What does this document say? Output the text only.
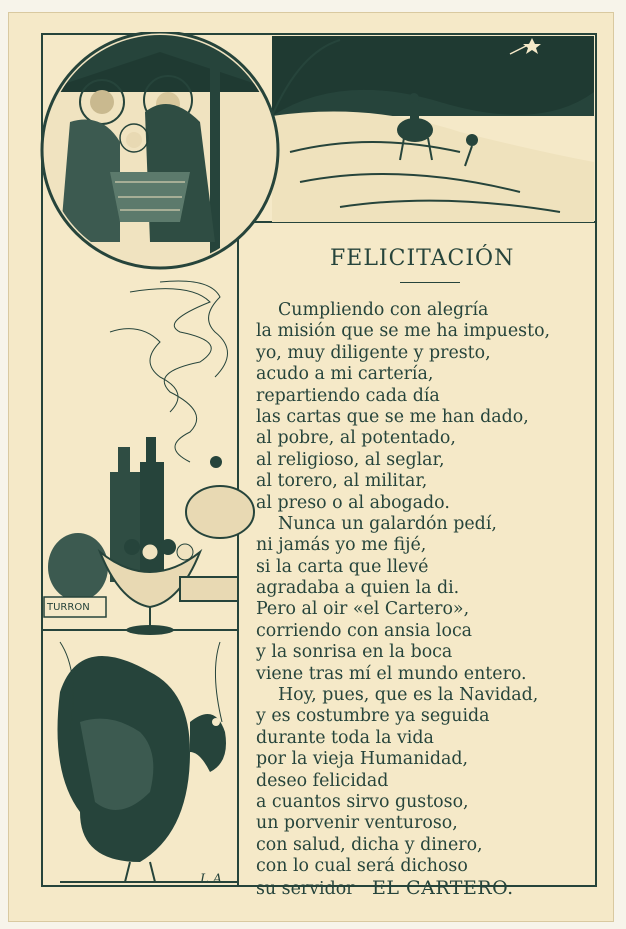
TURRON
L.A.
FELICITACIÓN
Cumpliendo con alegría
la misión que se me ha impuesto,
yo, muy diligente y presto,
acudo a mi cartería,
repartiendo cada día
las cartas que se me han dado,
al pobre, al potentado,
al religioso, al seglar,
al torero, al militar,
al preso o al abogado.
Nunca un galardón pedí,
ni jamás yo me fijé,
si la carta que llevé
agradaba a quien la di.
Pero al oir «el Cartero»,
corriendo con ansia loca
y la sonrisa en la boca
viene tras mí el mundo entero.
Hoy, pues, que es la Navidad,
y es costumbre ya seguida
durante toda la vida
por la vieja Humanidad,
deseo felicidad
a cuantos sirvo gustoso,
un porvenir venturoso,
con salud, dicha y dinero,
con lo cual será dichoso
su servidor EL CARTERO.
